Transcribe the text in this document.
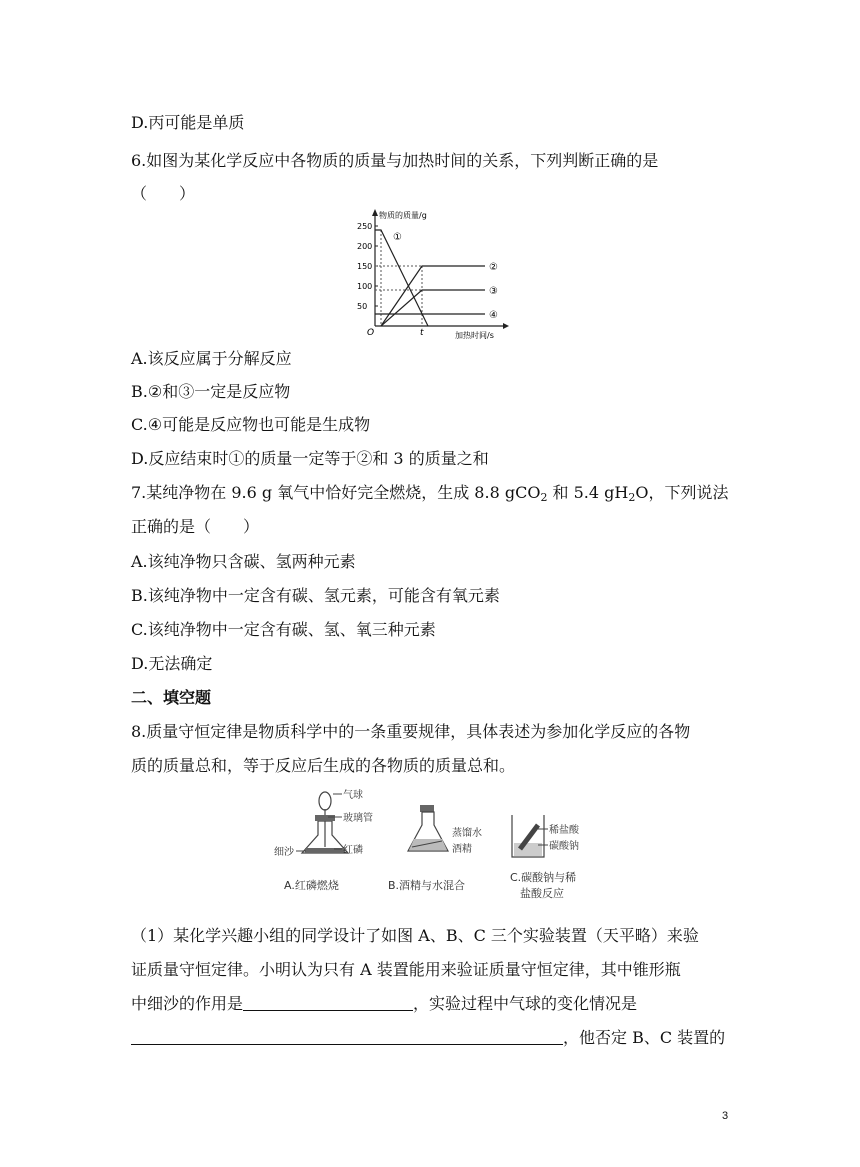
D.丙可能是单质
6.如图为某化学反应中各物质的质量与加热时间的关系，下列判断正确的是
（　　）
物质的质量/g
加热时间/s
O	t
250
200
150
100
50
①
②
③
④
A.该反应属于分解反应
B.②和③一定是反应物
C.④可能是反应物也可能是生成物
D.反应结束时①的质量一定等于②和 3 的质量之和
7.某纯净物在 9.6 g 氧气中恰好完全燃烧，生成 8.8 gCO$_2$ 和 5.4 $gH_2O$，下列说法
正确的是（　　）
A.该纯净物只含碳、氢两种元素
B.该纯净物中一定含有碳、氢元素，可能含有氧元素
C.该纯净物中一定含有碳、氢、氧三种元素
D.无法确定
二、填空题
8.质量守恒定律是物质科学中的一条重要规律，具体表述为参加化学反应的各物
质的质量总和，等于反应后生成的各物质的质量总和。
气球
玻璃管
细沙	红磷
A.红磷燃烧
蒸馏水
酒精
B.酒精与水混合
稀盐酸
碳酸钠
C.碳酸钠与稀
盐酸反应
（1）某化学兴趣小组的同学设计了如图 A、B、C 三个实验装置（天平略）来验
证质量守恒定律。小明认为只有 A 装置能用来验证质量守恒定律，其中锥形瓶
中细沙的作用是	，实验过程中气球的变化情况是
，他否定 B、C 装置的
3
